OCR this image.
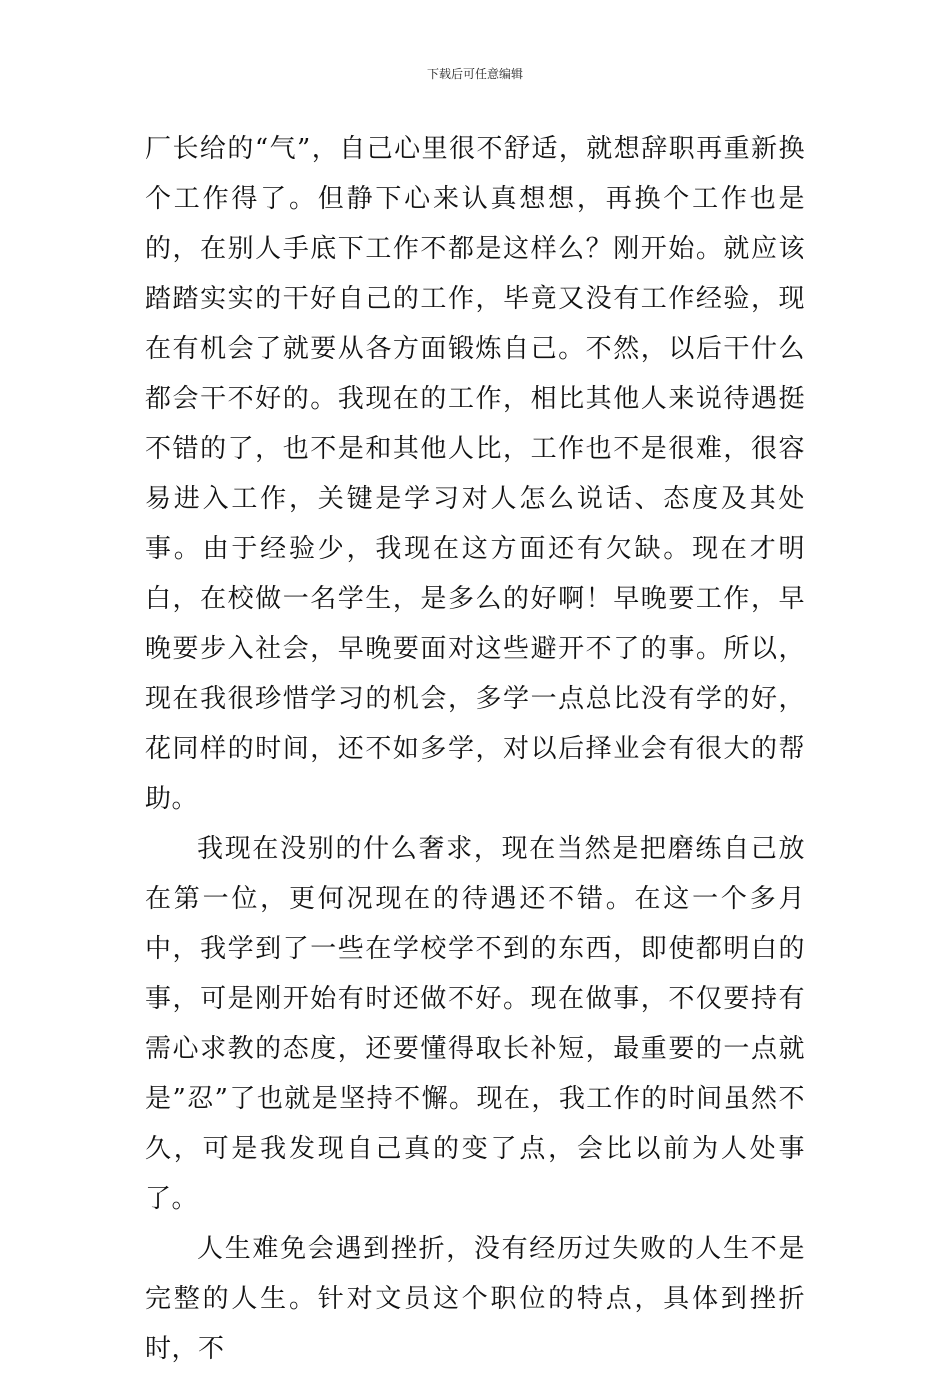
下载后可任意编辑

厂长给的“气”，自己心里很不舒适，就想辞职再重新换个工作得了。但静下心来认真想想，再换个工作也是的，在别人手底下工作不都是这样么？刚开始。就应该踏踏实实的干好自己的工作，毕竟又没有工作经验，现在有机会了就要从各方面锻炼自己。不然，以后干什么都会干不好的。我现在的工作，相比其他人来说待遇挺不错的了，也不是和其他人比，工作也不是很难，很容易进入工作，关键是学习对人怎么说话、态度及其处事。由于经验少，我现在这方面还有欠缺。现在才明白，在校做一名学生，是多么的好啊！早晚要工作，早晚要步入社会，早晚要面对这些避开不了的事。所以，现在我很珍惜学习的机会，多学一点总比没有学的好，花同样的时间，还不如多学，对以后择业会有很大的帮助。

我现在没别的什么奢求，现在当然是把磨练自己放在第一位，更何况现在的待遇还不错。在这一个多月中，我学到了一些在学校学不到的东西，即使都明白的事，可是刚开始有时还做不好。现在做事，不仅要持有需心求教的态度，还要懂得取长补短，最重要的一点就是”忍”了也就是坚持不懈。现在，我工作的时间虽然不久，可是我发现自己真的变了点，会比以前为人处事了。

人生难免会遇到挫折，没有经历过失败的人生不是完整的人生。针对文员这个职位的特点，具体到挫折时，不
